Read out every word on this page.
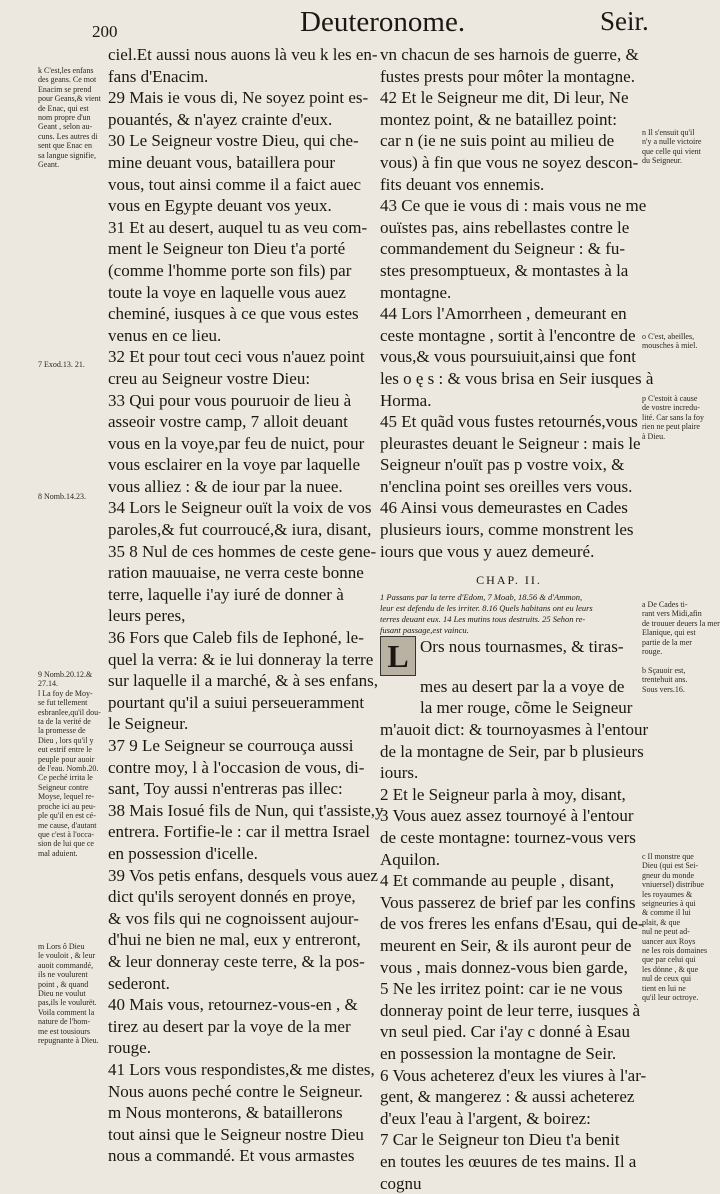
200	Deuteronome.	Seir.

ciel.Et aussi nous auons là veu k les en-

fans d'Enacim.

29 Mais ie vous di, Ne soyez point es-

pouantés, & n'ayez crainte d'eux.

30 Le Seigneur vostre Dieu, qui che-

mine deuant vous, bataillera pour

vous, tout ainsi comme il a faict auec

vous en Egypte deuant vos yeux.

31 Et au desert, auquel tu as veu com-

ment le Seigneur ton Dieu t'a porté

(comme l'homme porte son fils) par

toute la voye en laquelle vous auez

cheminé, iusques à ce que vous estes

venus en ce lieu.

32 Et pour tout ceci vous n'auez point

creu au Seigneur vostre Dieu:

33 Qui pour vous pouruoir de lieu à

asseoir vostre camp, 7 alloit deuant

vous en la voye,par feu de nuict, pour

vous esclairer en la voye par laquelle

vous alliez : & de iour par la nuee.

34 Lors le Seigneur ouït la voix de vos

paroles,& fut courroucé,& iura, disant,

35 8 Nul de ces hommes de ceste gene-

ration mauuaise, ne verra ceste bonne

terre, laquelle i'ay iuré de donner à

leurs peres,

36 Fors que Caleb fils de Iephoné, le-

quel la verra: & ie lui donneray la terre

sur laquelle il a marché, & à ses enfans,

pourtant qu'il a suiui perseueramment

le Seigneur.

37 9 Le Seigneur se courrouça aussi

contre moy, l à l'occasion de vous, di-

sant, Toy aussi n'entreras pas illec:

38 Mais Iosué fils de Nun, qui t'assiste,y

entrera. Fortifie-le : car il mettra Israel

en possession d'icelle.

39 Vos petis enfans, desquels vous auez

dict qu'ils seroyent donnés en proye,

& vos fils qui ne cognoissent aujour-

d'hui ne bien ne mal, eux y entreront,

& leur donneray ceste terre, & la pos-

sederont.

40 Mais vous, retournez-vous-en , &

tirez au desert par la voye de la mer

rouge.

41 Lors vous respondistes,& me distes,

Nous auons peché contre le Seigneur.

m Nous monterons, & bataillerons

tout ainsi que le Seigneur nostre Dieu

nous a commandé. Et vous armastes

vn chacun de ses harnois de guerre, &

fustes prests pour môter la montagne.

42 Et le Seigneur me dit, Di leur, Ne

montez point, & ne bataillez point:

car n (ie ne suis point au milieu de

vous) à fin que vous ne soyez descon-

fits deuant vos ennemis.

43 Ce que ie vous di : mais vous ne me

ouïstes pas, ains rebellastes contre le

commandement du Seigneur : & fu-

stes presomptueux, & montastes à la

montagne.

44 Lors l'Amorrheen , demeurant en

ceste montagne , sortit à l'encontre de

vous,& vous poursuiuit,ainsi que font

les o ę s : & vous brisa en Seir iusques à

Horma.

45 Et quãd vous fustes retournés,vous

pleurastes deuant le Seigneur : mais le

Seigneur n'ouït pas p vostre voix, &

n'enclina point ses oreilles vers vous.

46 Ainsi vous demeurastes en Cades

plusieurs iours, comme monstrent les

iours que vous y auez demeuré.

CHAP. II.

1 Passans par la terre d'Edom, 7 Moab, 18.56 & d'Ammon,

leur est defendu de les irriter. 8.16 Quels habitans ont eu leurs

terres deuant eux. 14 Les mutins tous destruits. 25 Sehon re-

fusant passage,est vaincu.

L Ors nous tournasmes, & tiras-

mes au desert par la a voye de

la mer rouge, cõme le Seigneur

m'auoit dict: & tournoyasmes à l'entour

de la montagne de Seir, par b plusieurs

iours.

2 Et le Seigneur parla à moy, disant,

3 Vous auez assez tournoyé à l'entour

de ceste montagne: tournez-vous vers

Aquilon.

4 Et commande au peuple , disant,

Vous passerez de brief par les confins

de vos freres les enfans d'Esau, qui de-

meurent en Seir, & ils auront peur de

vous , mais donnez-vous bien garde,

5 Ne les irritez point: car ie ne vous

donneray point de leur terre, iusques à

vn seul pied. Car i'ay c donné à Esau

en possession la montagne de Seir.

6 Vous acheterez d'eux les viures à l'ar-

gent, & mangerez : & aussi acheterez

d'eux l'eau à l'argent, & boirez:

7 Car le Seigneur ton Dieu t'a benit

en toutes les œuures de tes mains. Il a

cognu

k C'est,les enfans

des geans. Ce mot

Enacim se prend

pour Geans,& vient

de Enac, qui est

nom propre d'un

Geant , selon au-

cuns. Les autres di

sent que Enac en

sa langue signifie,

Geant.

7 Exod.13. 21.

8 Nomb.14.23.

9 Nomb.20.12.&

27.14.

l La foy de Moy-

se fut tellement

esbranlee,qu'il dou-

ta de la verité de

la promesse de

Dieu , lors qu'il y

eut estrif entre le

peuple pour auoir

de l'eau. Nomb.20.

Ce peché irrita le

Seigneur contre

Moyse, lequel re-

proche ici au peu-

ple qu'il en est cé-

me cause, d'autant

que c'est à l'occa-

sion de lui que ce

mal aduient.

m Lors ô Dieu

le vouloit , & leur

auoit commandé,

ils ne voulurent

point , & quand

Dieu ne voulut

pas,ils le voulurët.

Voila comment la

nature de l'hom-

me est tousiours

repugnante à Dieu.

n Il s'ensuit qu'il

n'y a nulle victoire

que celle qui vient

du Seigneur.

o C'est, abeilles,

mousches à miel.

p C'estoit à cause

de vostre incredu-

lité. Car sans la foy

rien ne peut plaire

à Dieu.

a De Cades ti-

rant vers Midi,afin

de trouuer deuers la mer

Elanique, qui est

partie de la mer

rouge.

b Sçauoir est,

trentehuit ans.

Sous vers.16.

c Il monstre que

Dieu (qui est Sei-

gneur du monde

vniuersel) distribue

les royaumes &

seigneuries à qui

& comme il lui

plait, & que

nul ne peut ad-

uancer aux Roys

ne les rois domaines

que par celui qui

les dönne , & que

nul de ceux qui

tient en lui ne

qu'il leur octroye.
